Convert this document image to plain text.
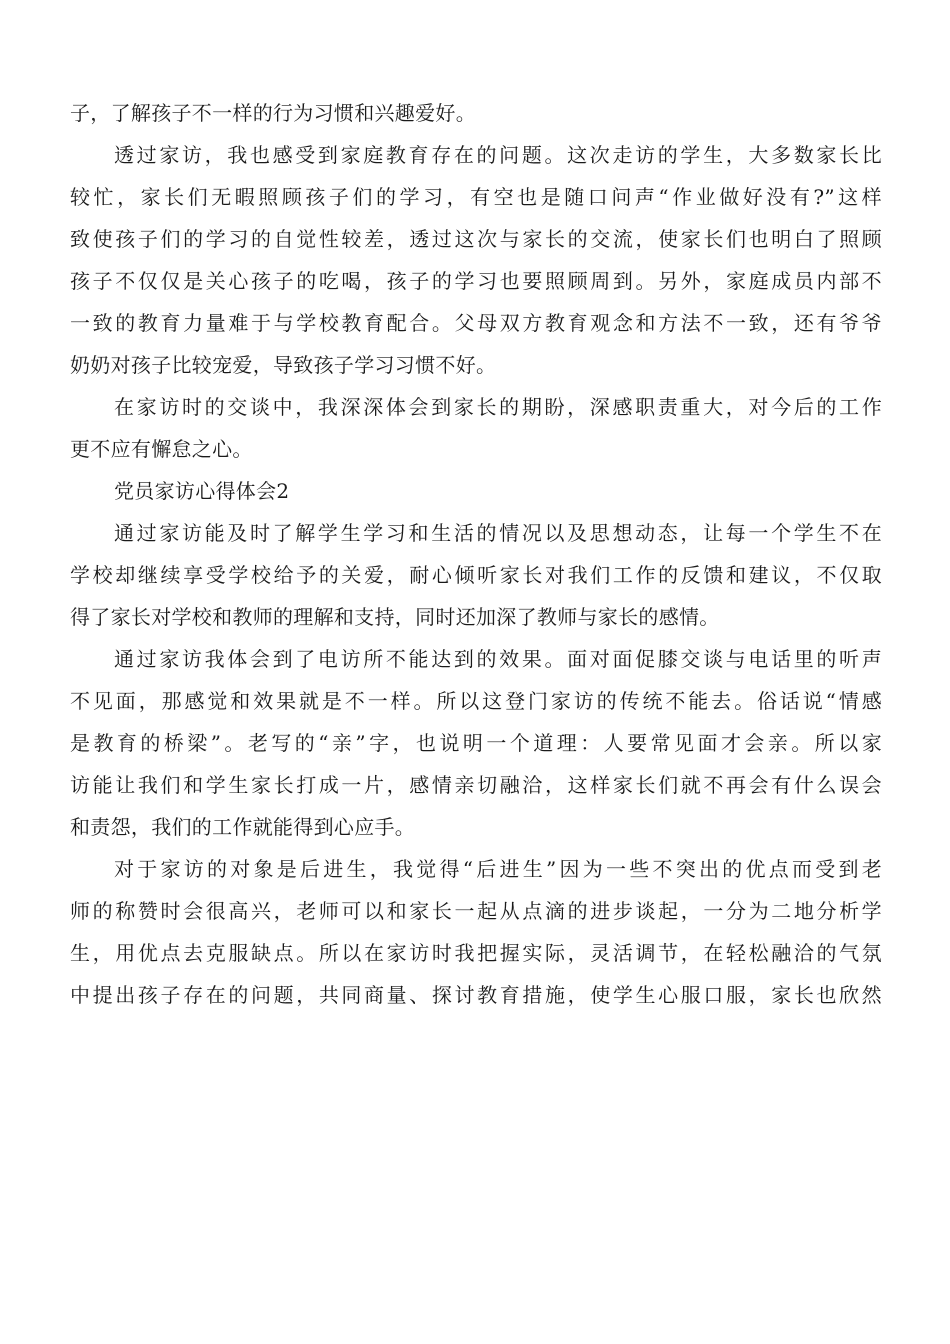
子，了解孩子不一样的行为习惯和兴趣爱好。
透过家访，我也感受到家庭教育存在的问题。这次走访的学生，大多数家长比
较忙，家长们无暇照顾孩子们的学习，有空也是随口问声“作业做好没有?”这样
致使孩子们的学习的自觉性较差，透过这次与家长的交流，使家长们也明白了照顾
孩子不仅仅是关心孩子的吃喝，孩子的学习也要照顾周到。另外，家庭成员内部不
一致的教育力量难于与学校教育配合。父母双方教育观念和方法不一致，还有爷爷
奶奶对孩子比较宠爱，导致孩子学习习惯不好。
在家访时的交谈中，我深深体会到家长的期盼，深感职责重大，对今后的工作
更不应有懈怠之心。
党员家访心得体会2
通过家访能及时了解学生学习和生活的情况以及思想动态，让每一个学生不在
学校却继续享受学校给予的关爱，耐心倾听家长对我们工作的反馈和建议，不仅取
得了家长对学校和教师的理解和支持，同时还加深了教师与家长的感情。
通过家访我体会到了电访所不能达到的效果。面对面促膝交谈与电话里的听声
不见面，那感觉和效果就是不一样。所以这登门家访的传统不能去。俗话说“情感
是教育的桥梁”。老写的“亲”字，也说明一个道理：人要常见面才会亲。所以家
访能让我们和学生家长打成一片，感情亲切融洽，这样家长们就不再会有什么误会
和责怨，我们的工作就能得到心应手。
对于家访的对象是后进生，我觉得“后进生”因为一些不突出的优点而受到老
师的称赞时会很高兴，老师可以和家长一起从点滴的进步谈起，一分为二地分析学
生，用优点去克服缺点。所以在家访时我把握实际，灵活调节，在轻松融洽的气氛
中提出孩子存在的问题，共同商量、探讨教育措施，使学生心服口服，家长也欣然
